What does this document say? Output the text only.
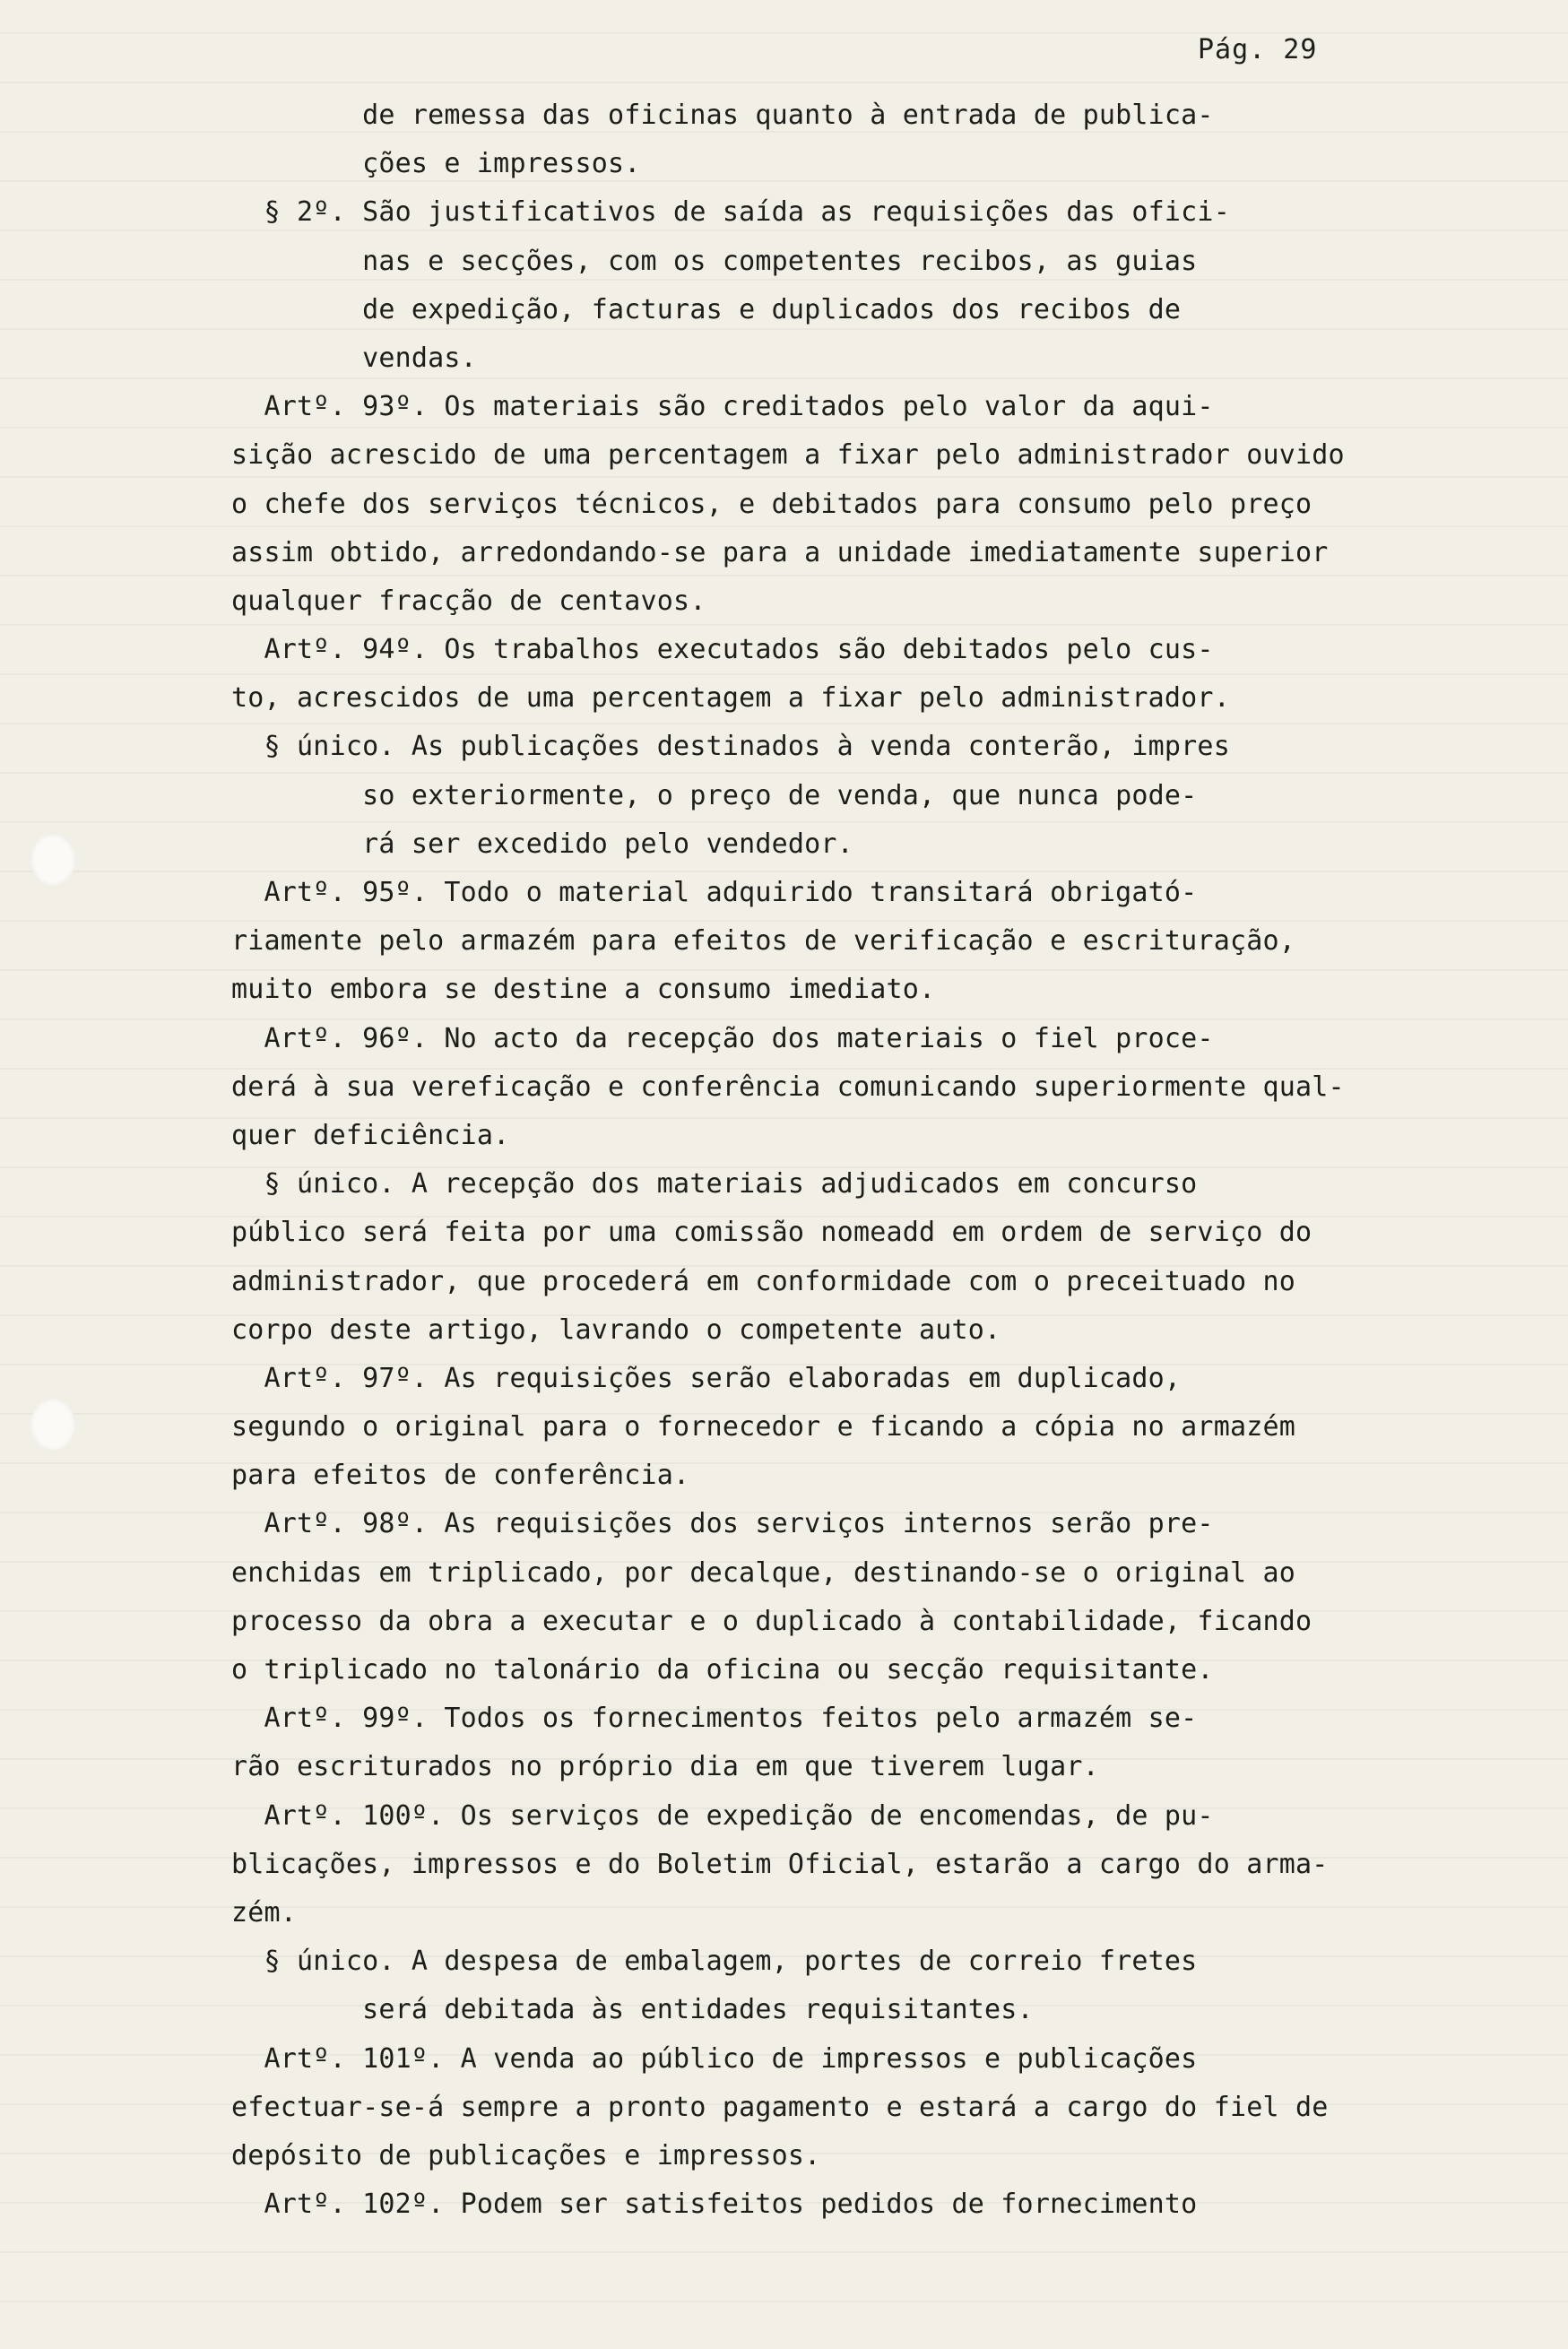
Pág. 29
de remessa das oficinas quanto à entrada de publica-
ções e impressos.
§ 2º. São justificativos de saída as requisições das ofici-
nas e secções, com os competentes recibos, as guias
de expedição, facturas e duplicados dos recibos de
vendas.
Artº. 93º. Os materiais são creditados pelo valor da aqui-
sição acrescido de uma percentagem a fixar pelo administrador ouvido
o chefe dos serviços técnicos, e debitados para consumo pelo preço
assim obtido, arredondando-se para a unidade imediatamente superior
qualquer fracção de centavos.
Artº. 94º. Os trabalhos executados são debitados pelo cus-
to, acrescidos de uma percentagem a fixar pelo administrador.
§ único. As publicações destinados à venda conterão, impres
so exteriormente, o preço de venda, que nunca pode-
rá ser excedido pelo vendedor.
Artº. 95º. Todo o material adquirido transitará obrigató-
riamente pelo armazém para efeitos de verificação e escrituração,
muito embora se destine a consumo imediato.
Artº. 96º. No acto da recepção dos materiais o fiel proce-
derá à sua vereficação e conferência comunicando superiormente qual-
quer deficiência.
§ único. A recepção dos materiais adjudicados em concurso
público será feita por uma comissão nomeadd em ordem de serviço do
administrador, que procederá em conformidade com o preceituado no
corpo deste artigo, lavrando o competente auto.
Artº. 97º. As requisições serão elaboradas em duplicado,
segundo o original para o fornecedor e ficando a cópia no armazém
para efeitos de conferência.
Artº. 98º. As requisições dos serviços internos serão pre-
enchidas em triplicado, por decalque, destinando-se o original ao
processo da obra a executar e o duplicado à contabilidade, ficando
o triplicado no talonário da oficina ou secção requisitante.
Artº. 99º. Todos os fornecimentos feitos pelo armazém se-
rão escriturados no próprio dia em que tiverem lugar.
Artº. 100º. Os serviços de expedição de encomendas, de pu-
blicações, impressos e do Boletim Oficial, estarão a cargo do arma-
zém.
§ único. A despesa de embalagem, portes de correio fretes
será debitada às entidades requisitantes.
Artº. 101º. A venda ao público de impressos e publicações
efectuar-se-á sempre a pronto pagamento e estará a cargo do fiel de
depósito de publicações e impressos.
Artº. 102º. Podem ser satisfeitos pedidos de fornecimento
